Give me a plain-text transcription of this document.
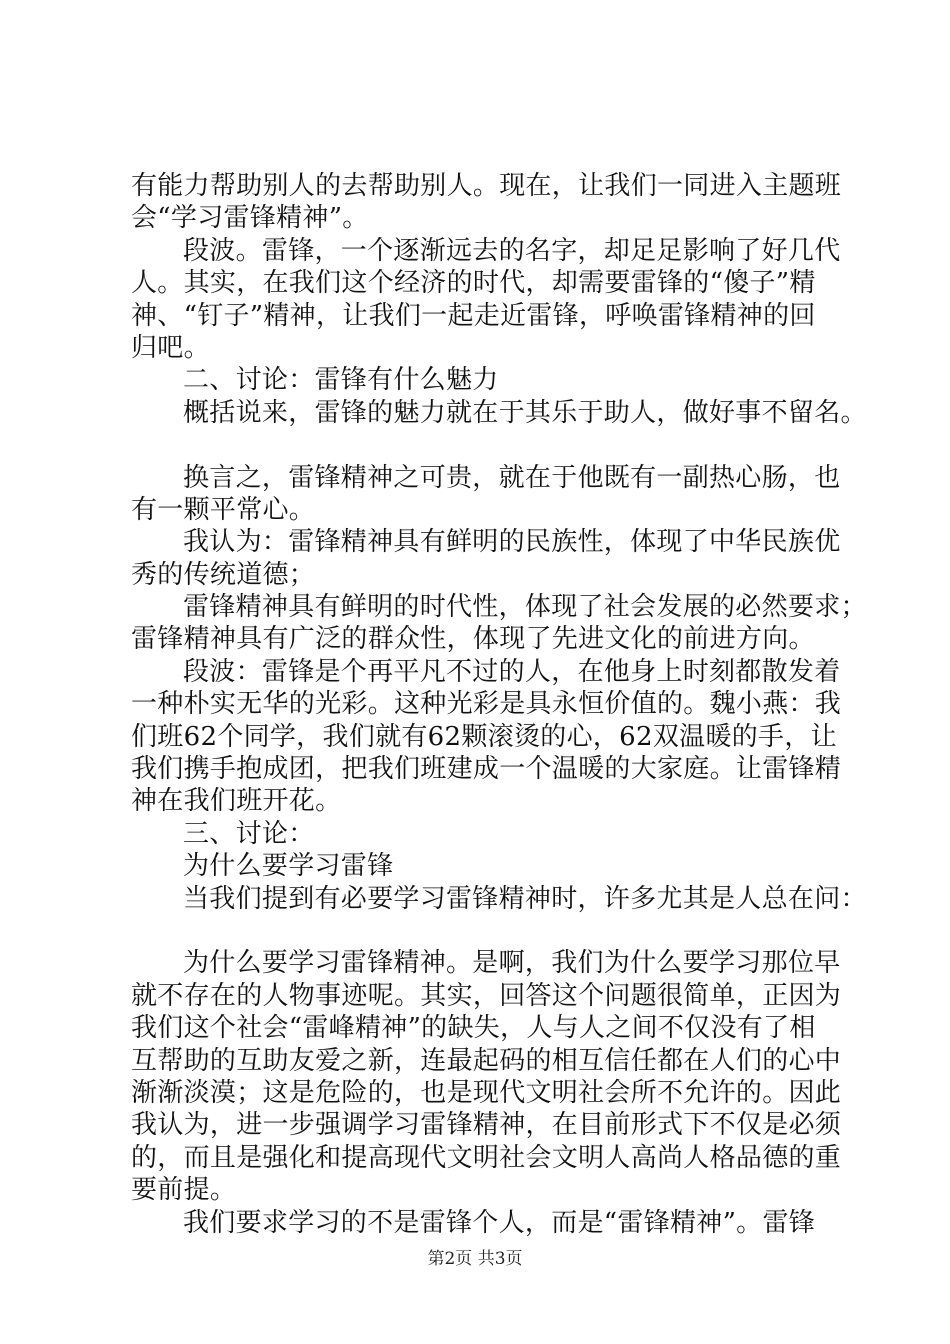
有能力帮助别人的去帮助别人。现在，让我们一同进入主题班
会“学习雷锋精神”。
段波。雷锋，一个逐渐远去的名字，却足足影响了好几代
人。其实，在我们这个经济的时代，却需要雷锋的“傻子”精
神、“钉子”精神，让我们一起走近雷锋，呼唤雷锋精神的回
归吧。
二、讨论：雷锋有什么魅力
概括说来，雷锋的魅力就在于其乐于助人，做好事不留名。
换言之，雷锋精神之可贵，就在于他既有一副热心肠，也
有一颗平常心。
我认为：雷锋精神具有鲜明的民族性，体现了中华民族优
秀的传统道德；
雷锋精神具有鲜明的时代性，体现了社会发展的必然要求；
雷锋精神具有广泛的群众性，体现了先进文化的前进方向。
段波：雷锋是个再平凡不过的人，在他身上时刻都散发着
一种朴实无华的光彩。这种光彩是具永恒价值的。魏小燕：我
们班62个同学，我们就有62颗滚烫的心，62双温暖的手，让
我们携手抱成团，把我们班建成一个温暖的大家庭。让雷锋精
神在我们班开花。
三、讨论：
为什么要学习雷锋
当我们提到有必要学习雷锋精神时，许多尤其是人总在问：
为什么要学习雷锋精神。是啊，我们为什么要学习那位早
就不存在的人物事迹呢。其实，回答这个问题很简单，正因为
我们这个社会“雷峰精神”的缺失，人与人之间不仅没有了相
互帮助的互助友爱之新，连最起码的相互信任都在人们的心中
渐渐淡漠；这是危险的，也是现代文明社会所不允许的。因此
我认为，进一步强调学习雷锋精神，在目前形式下不仅是必须
的，而且是强化和提高现代文明社会文明人高尚人格品德的重
要前提。
我们要求学习的不是雷锋个人，而是“雷锋精神”。雷锋
第2页 共3页
